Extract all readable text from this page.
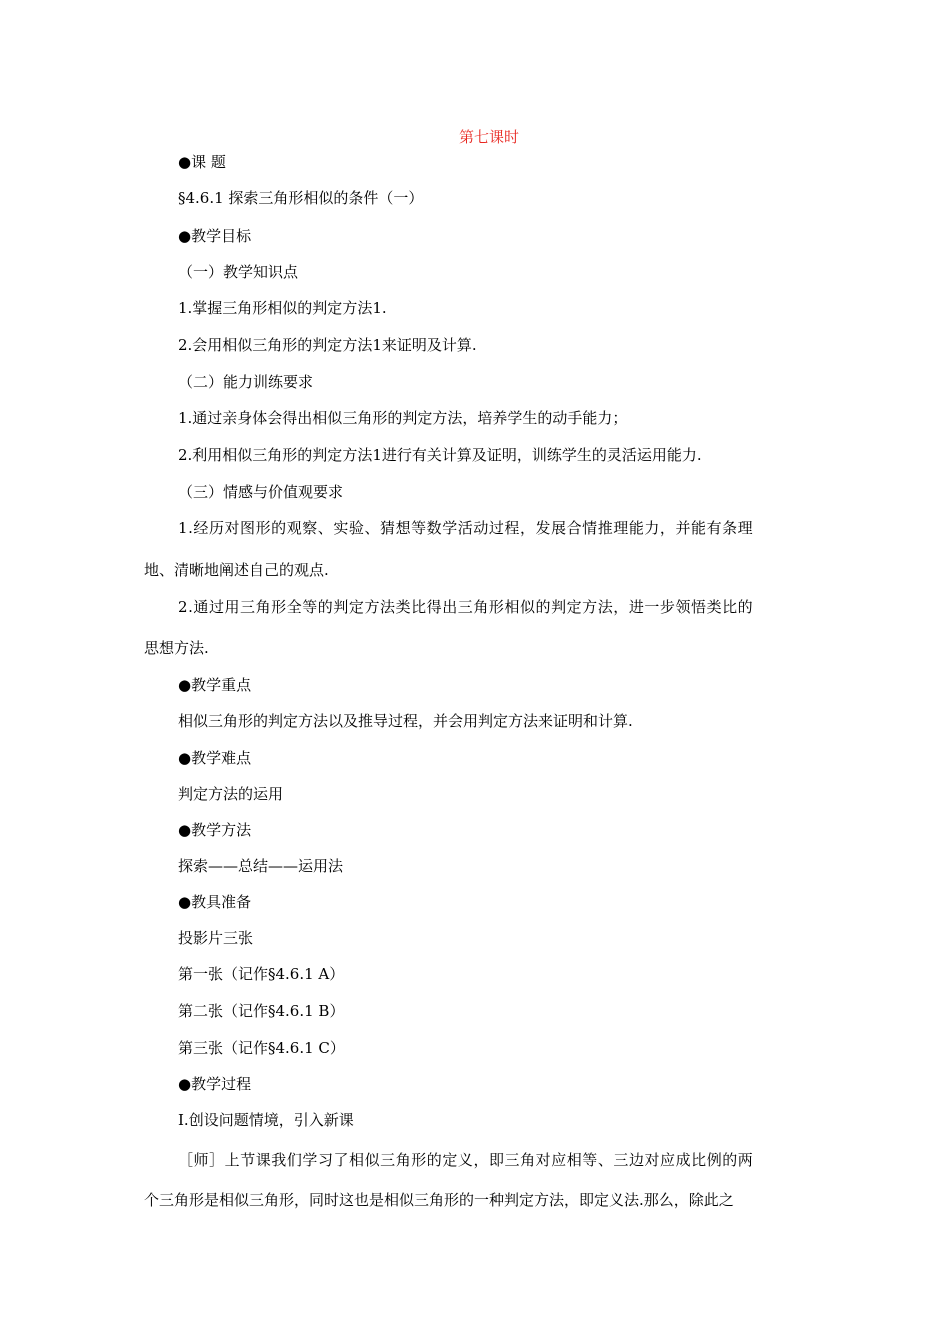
第七课时
●课 题
§4.6.1 探索三角形相似的条件（一）
●教学目标
（一）教学知识点
1.掌握三角形相似的判定方法1.
2.会用相似三角形的判定方法1来证明及计算.
（二）能力训练要求
1.通过亲身体会得出相似三角形的判定方法，培养学生的动手能力；
2.利用相似三角形的判定方法1进行有关计算及证明，训练学生的灵活运用能力.
（三）情感与价值观要求
1.经历对图形的观察、实验、猜想等数学活动过程，发展合情推理能力，并能有条理
地、清晰地阐述自己的观点.
2.通过用三角形全等的判定方法类比得出三角形相似的判定方法，进一步领悟类比的
思想方法.
●教学重点
相似三角形的判定方法以及推导过程，并会用判定方法来证明和计算.
●教学难点
判定方法的运用
●教学方法
探索——总结——运用法
●教具准备
投影片三张
第一张（记作§4.6.1 A）
第二张（记作§4.6.1 B）
第三张（记作§4.6.1 C）
●教学过程
Ⅰ.创设问题情境，引入新课
［师］上节课我们学习了相似三角形的定义，即三角对应相等、三边对应成比例的两
个三角形是相似三角形，同时这也是相似三角形的一种判定方法，即定义法.那么，除此之
